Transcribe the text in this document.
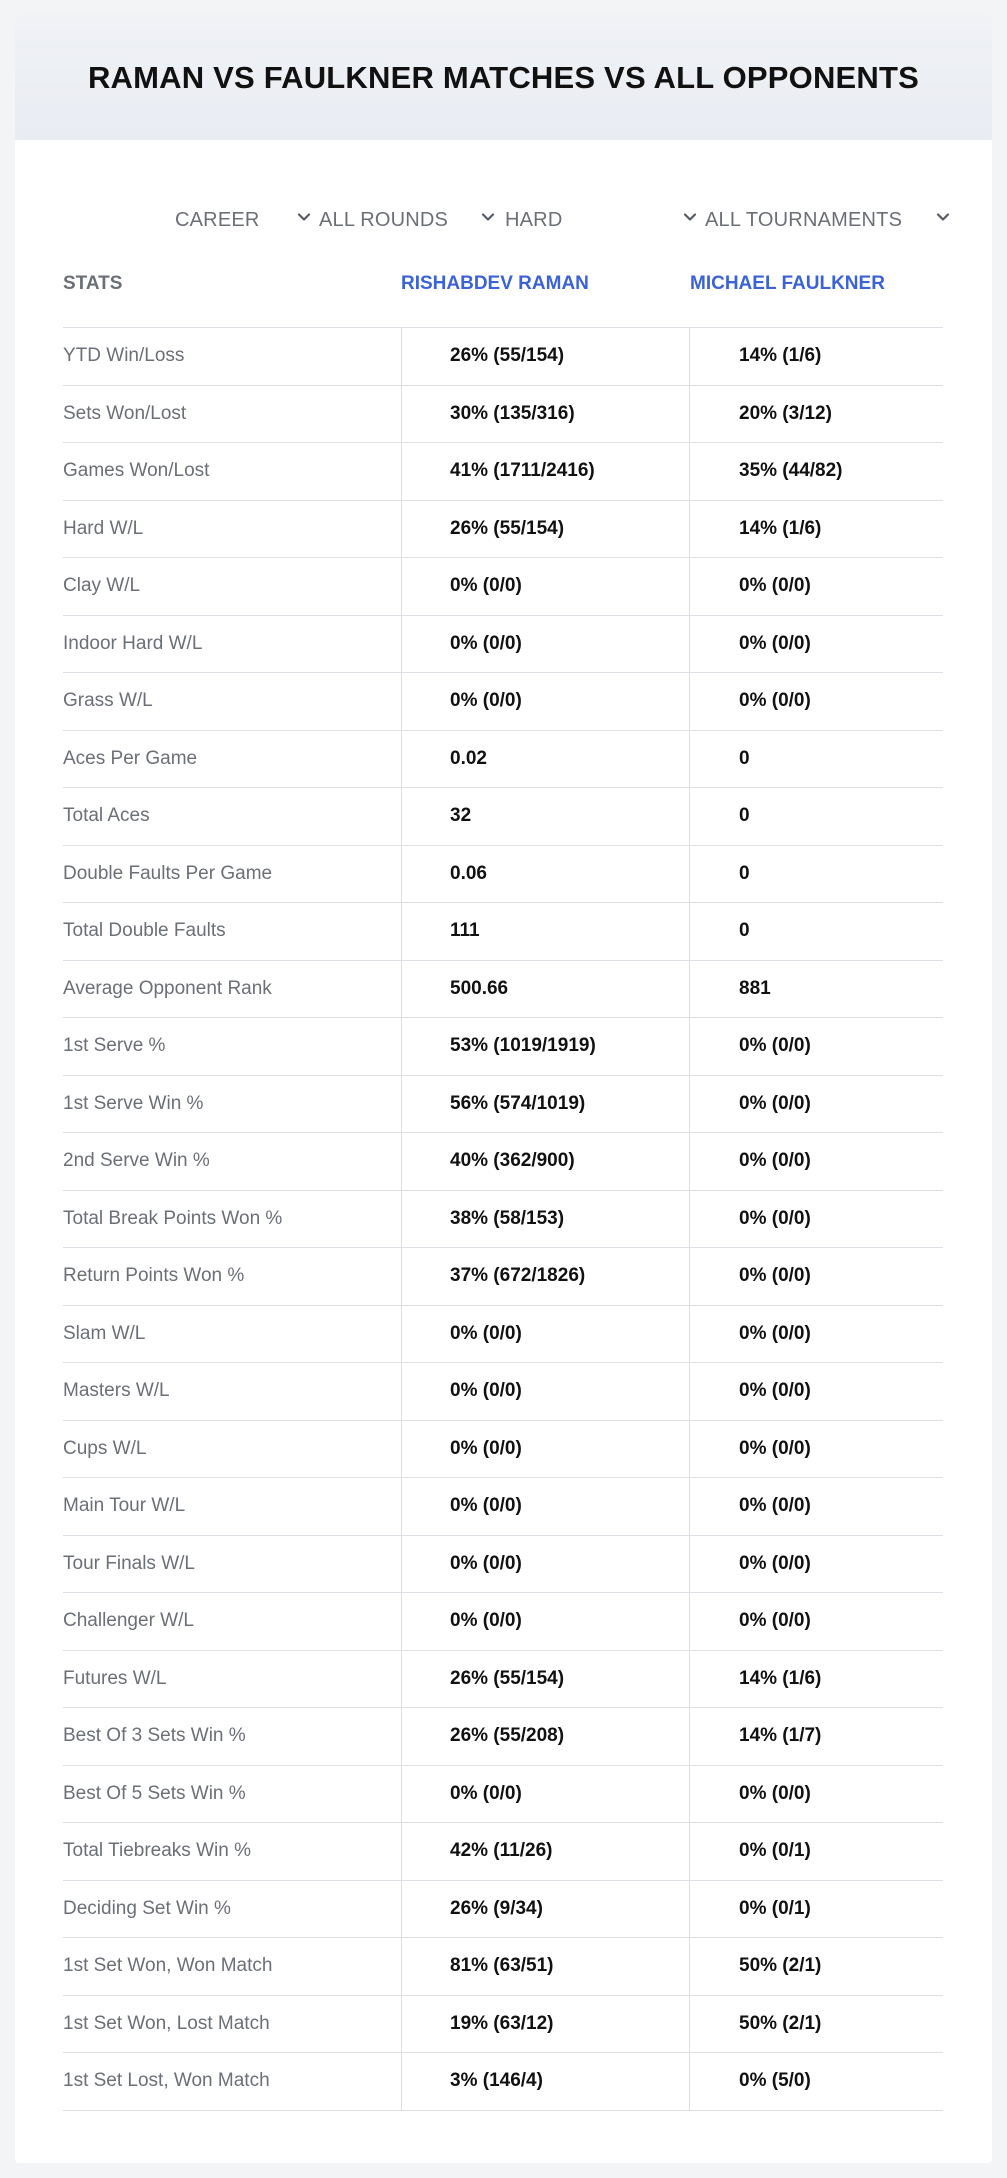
RAMAN VS FAULKNER MATCHES VS ALL OPPONENTS
CAREER	ALL ROUNDS	HARD	ALL TOURNAMENTS
STATS	RISHABDEV RAMAN	MICHAEL FAULKNER
YTD Win/Loss	26% (55/154)	14% (1/6)
Sets Won/Lost	30% (135/316)	20% (3/12)
Games Won/Lost	41% (1711/2416)	35% (44/82)
Hard W/L	26% (55/154)	14% (1/6)
Clay W/L	0% (0/0)	0% (0/0)
Indoor Hard W/L	0% (0/0)	0% (0/0)
Grass W/L	0% (0/0)	0% (0/0)
Aces Per Game	0.02	0
Total Aces	32	0
Double Faults Per Game	0.06	0
Total Double Faults	111	0
Average Opponent Rank	500.66	881
1st Serve %	53% (1019/1919)	0% (0/0)
1st Serve Win %	56% (574/1019)	0% (0/0)
2nd Serve Win %	40% (362/900)	0% (0/0)
Total Break Points Won %	38% (58/153)	0% (0/0)
Return Points Won %	37% (672/1826)	0% (0/0)
Slam W/L	0% (0/0)	0% (0/0)
Masters W/L	0% (0/0)	0% (0/0)
Cups W/L	0% (0/0)	0% (0/0)
Main Tour W/L	0% (0/0)	0% (0/0)
Tour Finals W/L	0% (0/0)	0% (0/0)
Challenger W/L	0% (0/0)	0% (0/0)
Futures W/L	26% (55/154)	14% (1/6)
Best Of 3 Sets Win %	26% (55/208)	14% (1/7)
Best Of 5 Sets Win %	0% (0/0)	0% (0/0)
Total Tiebreaks Win %	42% (11/26)	0% (0/1)
Deciding Set Win %	26% (9/34)	0% (0/1)
1st Set Won, Won Match	81% (63/51)	50% (2/1)
1st Set Won, Lost Match	19% (63/12)	50% (2/1)
1st Set Lost, Won Match	3% (146/4)	0% (5/0)
